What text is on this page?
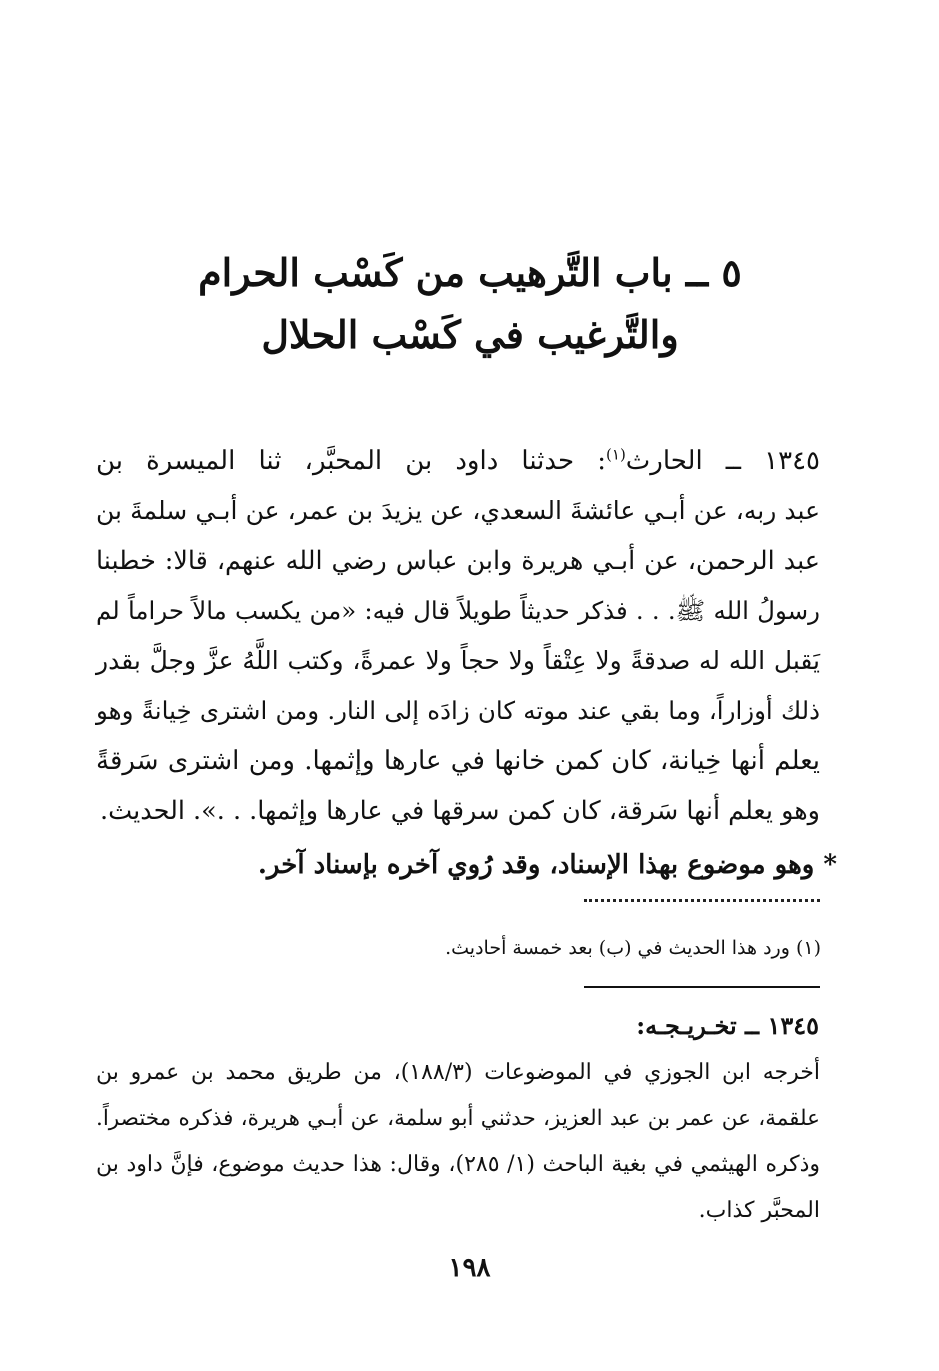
٥ ــ باب التَّرهيب من كَسْب الحرام
والتَّرغيب في كَسْب الحلال
١٣٤٥ ــ الحارث$^{(١)}$: حدثنا داود بن المحبَّر، ثنا الميسرة بن
عبد ربه، عن أبـي عائشةَ السعدي، عن يزيدَ بن عمر، عن أبـي سلمةَ بن
عبد الرحمن، عن أبـي هريرة وابن عباس رضي الله عنهم، قالا: خطبنا
رسولُ الله ﷺ. . . فذكر حديثاً طويلاً قال فيه: «من يكسب مالاً حراماً لم
يَقبل الله له صدقةً ولا عِتْقاً ولا حجاً ولا عمرةً، وكتب اللَّهُ عزَّ وجلَّ بقدر
ذلك أوزاراً، وما بقي عند موته كان زادَه إلى النار. ومن اشترى خِيانةً وهو
يعلم أنها خِيانة، كان كمن خانها في عارها وإثمها. ومن اشترى سَرقةً
وهو يعلم أنها سَرقة، كان كمن سرقها في عارها وإثمها. . .». الحديث.
* وهو موضوع بهذا الإسناد، وقد رُوي آخره بإسناد آخر.
(١) ورد هذا الحديث في (ب) بعد خمسة أحاديث.
١٣٤٥ ــ تخـريـجـه:
أخرجه ابن الجوزي في الموضوعات (١٨٨/٣)، من طريق محمد بن عمرو بن
علقمة، عن عمر بن عبد العزيز، حدثني أبو سلمة، عن أبـي هريرة، فذكره مختصراً.
وذكره الهيثمي في بغية الباحث (١/ ٢٨٥)، وقال: هذا حديث موضوع، فإنَّ داود بن
المحبَّر كذاب.
١٩٨
